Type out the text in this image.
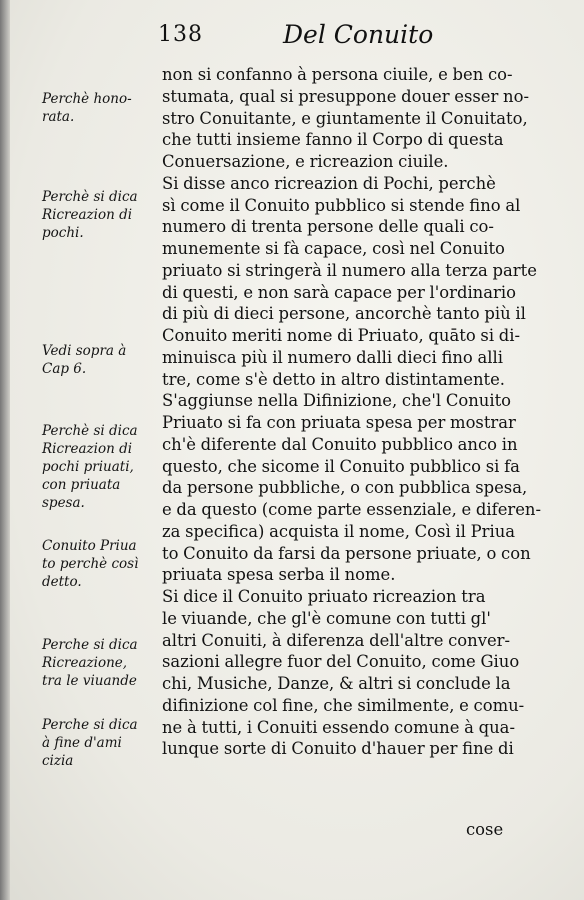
138	Del Conuito
Perchè hono-
rata.
Perchè si dica
Ricreazion di
pochi.
Vedi sopra à
Cap 6.
Perchè si dica
Ricreazion di
pochi priuati,
con priuata
spesa.
Conuito Priua
to perchè così
detto.
Perche si dica
Ricreazione,
tra le viuande
Perche si dica
à fine d'ami
cizia
non si confanno à persona ciuile, e ben co-
stumata, qual si presuppone douer esser no-
stro Conuitante, e giuntamente il Conuitato,
che tutti insieme fanno il Corpo di questa
Conuersazione, e ricreazion ciuile.
Si disse anco ricreazion di Pochi, perchè
sì come il Conuito pubblico si stende fino al
numero di trenta persone delle quali co-
munemente si fà capace, così nel Conuito
priuato si stringerà il numero alla terza parte
di questi, e non sarà capace per l'ordinario
di più di dieci persone, ancorchè tanto più il
Conuito meriti nome di Priuato, quāto si di-
minuisca più il numero dalli dieci fino alli
tre, come s'è detto in altro distintamente.
S'aggiunse nella Difinizione, che'l Conuito
Priuato si fa con priuata spesa per mostrar
ch'è diferente dal Conuito pubblico anco in
questo, che sicome il Conuito pubblico si fa
da persone pubbliche, o con pubblica spesa,
e da questo (come parte essenziale, e diferen-
za specifica) acquista il nome, Così il Priua
to Conuito da farsi da persone priuate, o con
priuata spesa serba il nome.
Si dice il Conuito priuato ricreazion tra
le viuande, che gl'è comune con tutti gl'
altri Conuiti, à diferenza dell'altre conver-
sazioni allegre fuor del Conuito, come Giuo
chi, Musiche, Danze, & altri si conclude la
difinizione col fine, che similmente, e comu-
ne à tutti, i Conuiti essendo comune à qua-
lunque sorte di Conuito d'hauer per fine di
cose
